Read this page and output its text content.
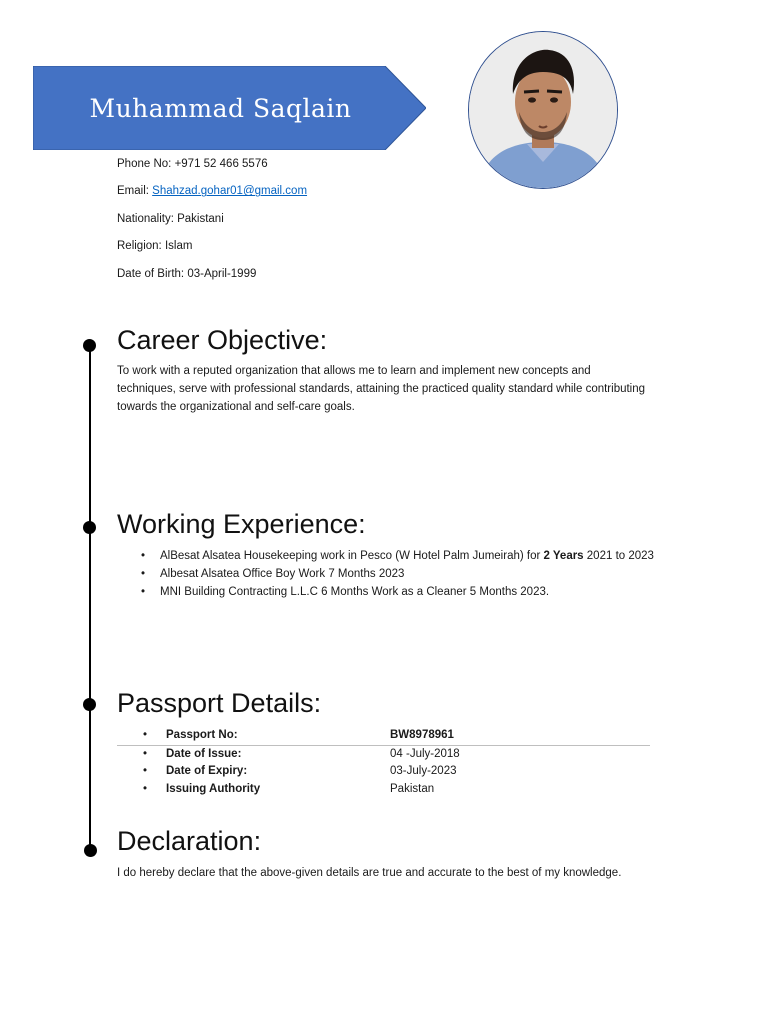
Muhammad Saqlain
Phone No: +971 52 466 5576
Email: Shahzad.gohar01@gmail.com
Nationality: Pakistani
Religion: Islam
Date of Birth: 03-April-1999
Career Objective:
To work with a reputed organization that allows me to learn and implement new concepts and techniques, serve with professional standards, attaining the practiced quality standard while contributing towards the organizational and self-care goals.
Working Experience:
• AlBesat Alsatea Housekeeping work in Pesco (W Hotel Palm Jumeirah) for 2 Years 2021 to 2023
• Albesat Alsatea Office Boy Work 7 Months 2023
• MNI Building Contracting L.L.C 6 Months Work as a Cleaner 5 Months 2023.
Passport Details:
• Passport No:	BW8978961
• Date of Issue:	04 -July-2018
• Date of Expiry:	03-July-2023
• Issuing Authority	Pakistan
Declaration:
I do hereby declare that the above-given details are true and accurate to the best of my knowledge.
